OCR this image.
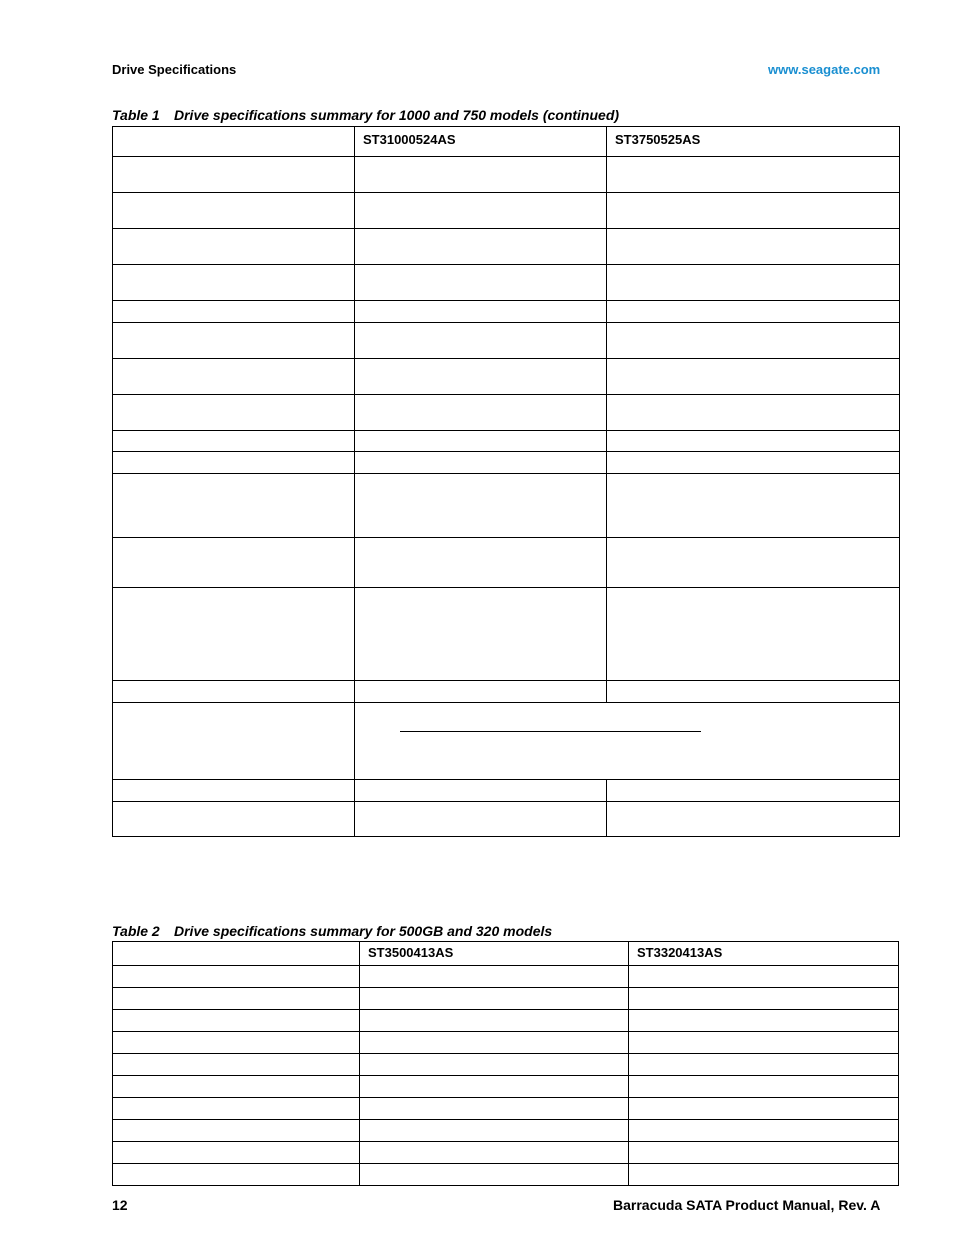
Drive Specifications	www.seagate.com
Table 1 Drive specifications summary for 1000 and 750 models (continued)
	ST31000524AS	ST3750525AS

Table 2 Drive specifications summary for 500GB and 320 models
	ST3500413AS	ST3320413AS

12	Barracuda SATA Product Manual, Rev. A
